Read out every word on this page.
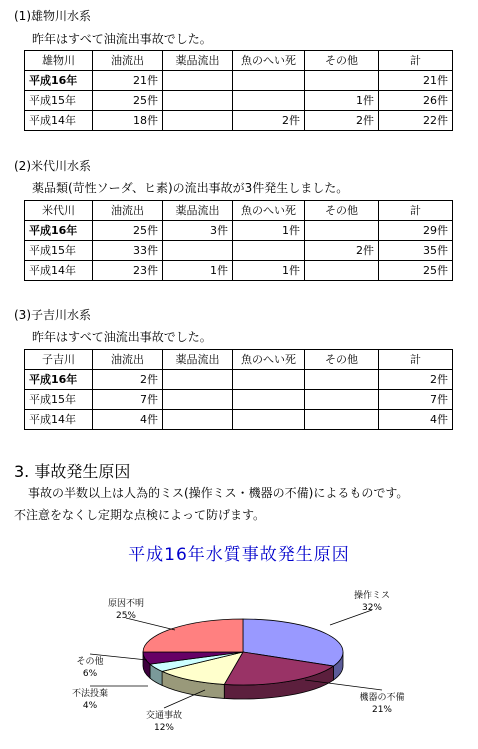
(1)雄物川水系
昨年はすべて油流出事故でした。
雄物川	油流出	薬品流出	魚のへい死	その他	計
平成16年	21件				21件
平成15年	25件			1件	26件
平成14年	18件		2件	2件	22件
(2)米代川水系
薬品類(苛性ソーダ、ヒ素)の流出事故が3件発生しました。
米代川	油流出	薬品流出	魚のへい死	その他	計
平成16年	25件	3件	1件		29件
平成15年	33件			2件	35件
平成14年	23件	1件	1件		25件
(3)子吉川水系
昨年はすべて油流出事故でした。
子吉川	油流出	薬品流出	魚のへい死	その他	計
平成16年	2件				2件
平成15年	7件				7件
平成14年	4件				4件
3. 事故発生原因
事故の半数以上は人為的ミス(操作ミス・機器の不備)によるものです。
不注意をなくし定期な点検によって防げます。
平成16年水質事故発生原因
操作ミス
32%
機器の不備
21%
交通事故
12%
不法投棄
4%
その他
6%
原因不明
25%
